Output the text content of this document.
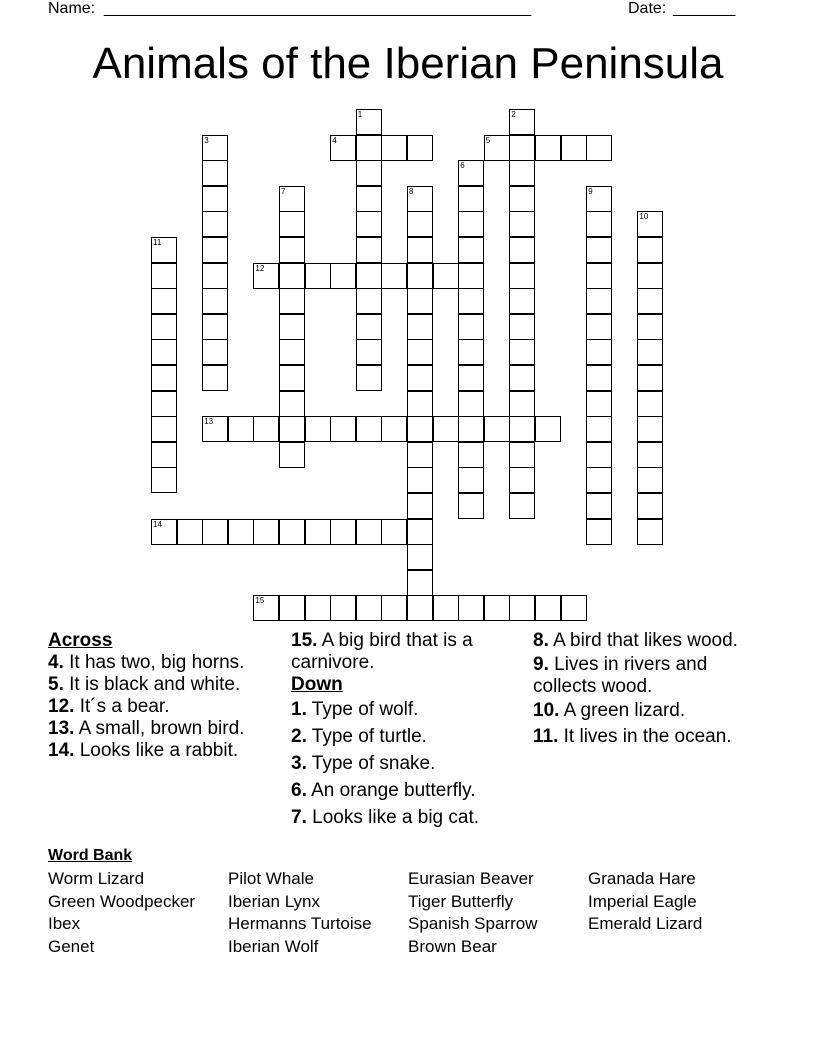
Name: ________________________________________________	Date: _______
Animals of the Iberian Peninsula
1	2
3	4	5
6
7	8	9
10
11
12
13
14
15

Across

4. It has two, big horns.

5. It is black and white.

12. It´s a bear.

13. A small, brown bird.

14. Looks like a rabbit.

15. A big bird that is a carnivore.

Down

1. Type of wolf.

2. Type of turtle.

3. Type of snake.

6. An orange butterfly.

7. Looks like a big cat.

8. A bird that likes wood.

9. Lives in rivers and collects wood.

10. A green lizard.

11. It lives in the ocean.

Word Bank
Worm Lizard
Green Woodpecker
Ibex
Genet
Pilot Whale
Iberian Lynx
Hermanns Turtoise
Iberian Wolf
Eurasian Beaver
Tiger Butterfly
Spanish Sparrow
Brown Bear
Granada Hare
Imperial Eagle
Emerald Lizard
